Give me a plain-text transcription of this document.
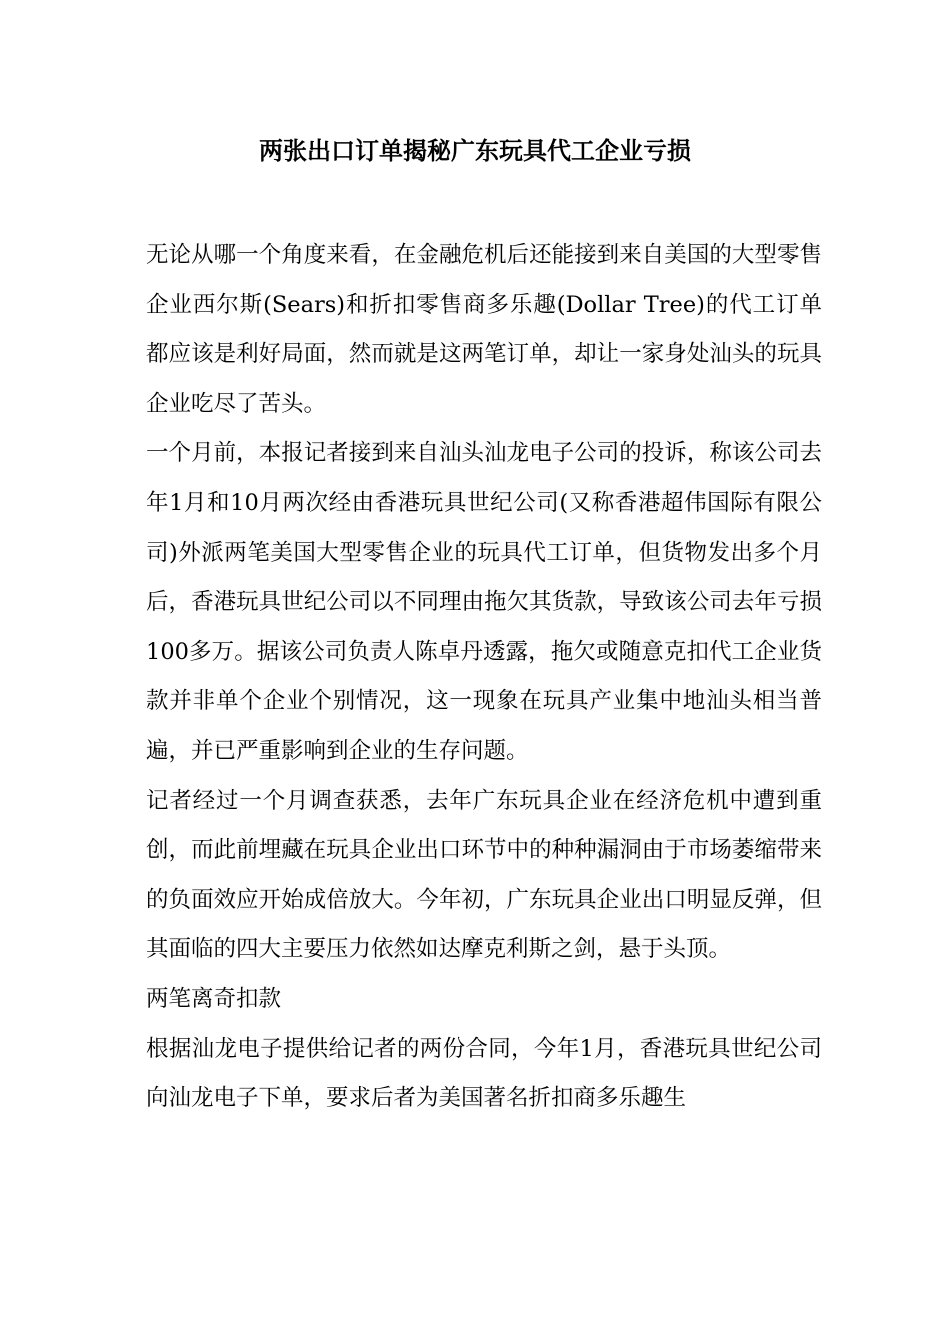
两张出口订单揭秘广东玩具代工企业亏损

无论从哪一个角度来看，在金融危机后还能接到来自美国的大型零售企业西尔斯(Sears)和折扣零售商多乐趣(Dollar Tree)的代工订单都应该是利好局面，然而就是这两笔订单，却让一家身处汕头的玩具企业吃尽了苦头。

一个月前，本报记者接到来自汕头汕龙电子公司的投诉，称该公司去年1月和10月两次经由香港玩具世纪公司(又称香港超伟国际有限公司)外派两笔美国大型零售企业的玩具代工订单，但货物发出多个月后，香港玩具世纪公司以不同理由拖欠其货款，导致该公司去年亏损100多万。据该公司负责人陈卓丹透露，拖欠或随意克扣代工企业货款并非单个企业个别情况，这一现象在玩具产业集中地汕头相当普遍，并已严重影响到企业的生存问题。

记者经过一个月调查获悉，去年广东玩具企业在经济危机中遭到重创，而此前埋藏在玩具企业出口环节中的种种漏洞由于市场萎缩带来的负面效应开始成倍放大。今年初，广东玩具企业出口明显反弹，但其面临的四大主要压力依然如达摩克利斯之剑，悬于头顶。

两笔离奇扣款

根据汕龙电子提供给记者的两份合同，今年1月，香港玩具世纪公司向汕龙电子下单，要求后者为美国著名折扣商多乐趣生
